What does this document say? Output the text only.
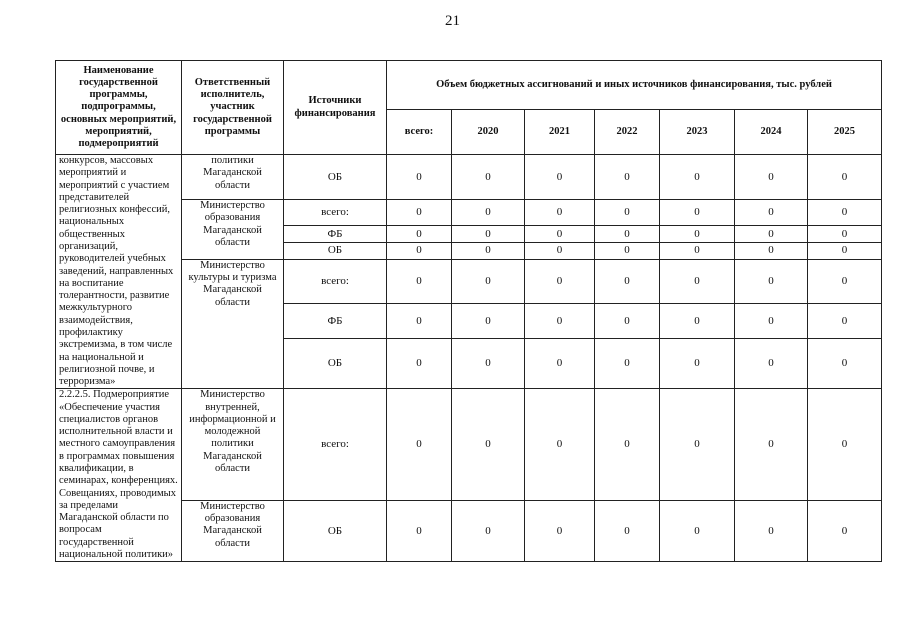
21
Наименование государственной программы, подпрограммы, основных мероприятий, мероприятий, подмероприятий	Ответственный исполнитель, участник государственной программы	Источники финансирования	Объем бюджетных ассигнований и иных источников финансирования, тыс. рублей						
			всего:	2020	2021	2022	2023	2024	2025
конкурсов, массовых мероприятий и мероприятий с участием представителей религиозных конфессий, национальных общественных организаций, руководителей учебных заведений, направленных на воспитание толерантности, развитие межкультурного взаимодействия, профилактику экстремизма, в том числе на национальной и религиозной почве, и терроризма»	политики Магаданской области	ОБ	0	0	0	0	0	0	0
	Министерство образования Магаданской области	всего:	0	0	0	0	0	0	0
		ФБ	0	0	0	0	0	0	0
		ОБ	0	0	0	0	0	0	0
	Министерство культуры и туризма Магаданской области	всего:	0	0	0	0	0	0	0
		ФБ	0	0	0	0	0	0	0
		ОБ	0	0	0	0	0	0	0
2.2.2.5. Подмероприятие «Обеспечение участия специалистов органов исполнительной власти и местного самоуправления в программах повышения квалификации, в семинарах, конференциях. Совещаниях, проводимых за пределами Магаданской области по вопросам государственной национальной политики»	Министерство внутренней, информационной и молодежной политики Магаданской области	всего:	0	0	0	0	0	0	0
	Министерство образования Магаданской области	ОБ	0	0	0	0	0	0	0
